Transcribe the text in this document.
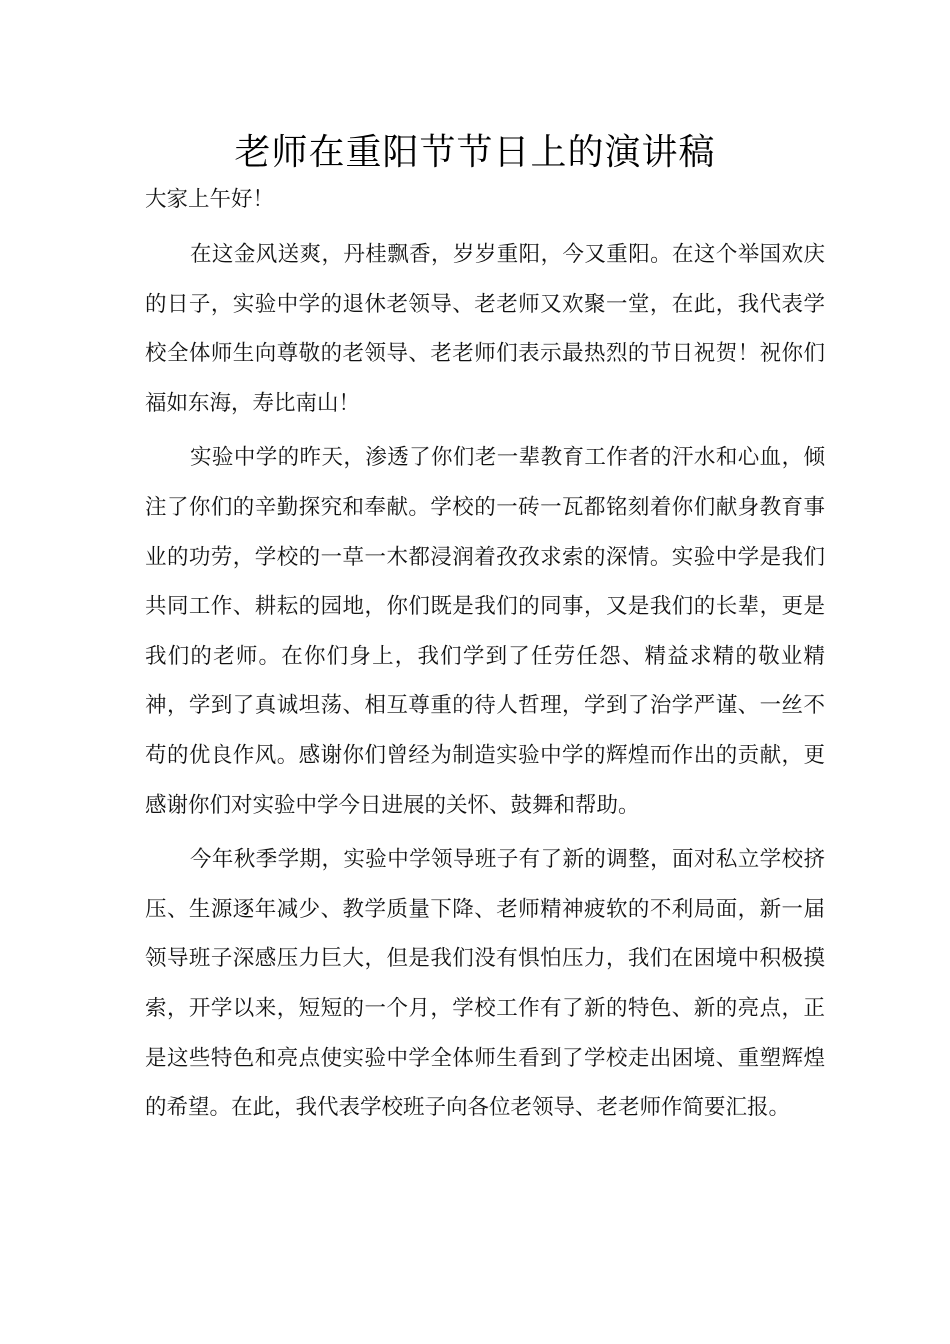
老师在重阳节节日上的演讲稿

大家上午好！

在这金风送爽，丹桂飘香，岁岁重阳，今又重阳。在这个举国欢庆的日子，实验中学的退休老领导、老老师又欢聚一堂，在此，我代表学校全体师生向尊敬的老领导、老老师们表示最热烈的节日祝贺！祝你们福如东海，寿比南山！

实验中学的昨天，渗透了你们老一辈教育工作者的汗水和心血，倾注了你们的辛勤探究和奉献。学校的一砖一瓦都铭刻着你们献身教育事业的功劳，学校的一草一木都浸润着孜孜求索的深情。实验中学是我们共同工作、耕耘的园地，你们既是我们的同事，又是我们的长辈，更是我们的老师。在你们身上，我们学到了任劳任怨、精益求精的敬业精神，学到了真诚坦荡、相互尊重的待人哲理，学到了治学严谨、一丝不苟的优良作风。感谢你们曾经为制造实验中学的辉煌而作出的贡献，更感谢你们对实验中学今日进展的关怀、鼓舞和帮助。

今年秋季学期，实验中学领导班子有了新的调整，面对私立学校挤压、生源逐年减少、教学质量下降、老师精神疲软的不利局面，新一届领导班子深感压力巨大，但是我们没有惧怕压力，我们在困境中积极摸索，开学以来，短短的一个月，学校工作有了新的特色、新的亮点，正是这些特色和亮点使实验中学全体师生看到了学校走出困境、重塑辉煌的希望。在此，我代表学校班子向各位老领导、老老师作简要汇报。
